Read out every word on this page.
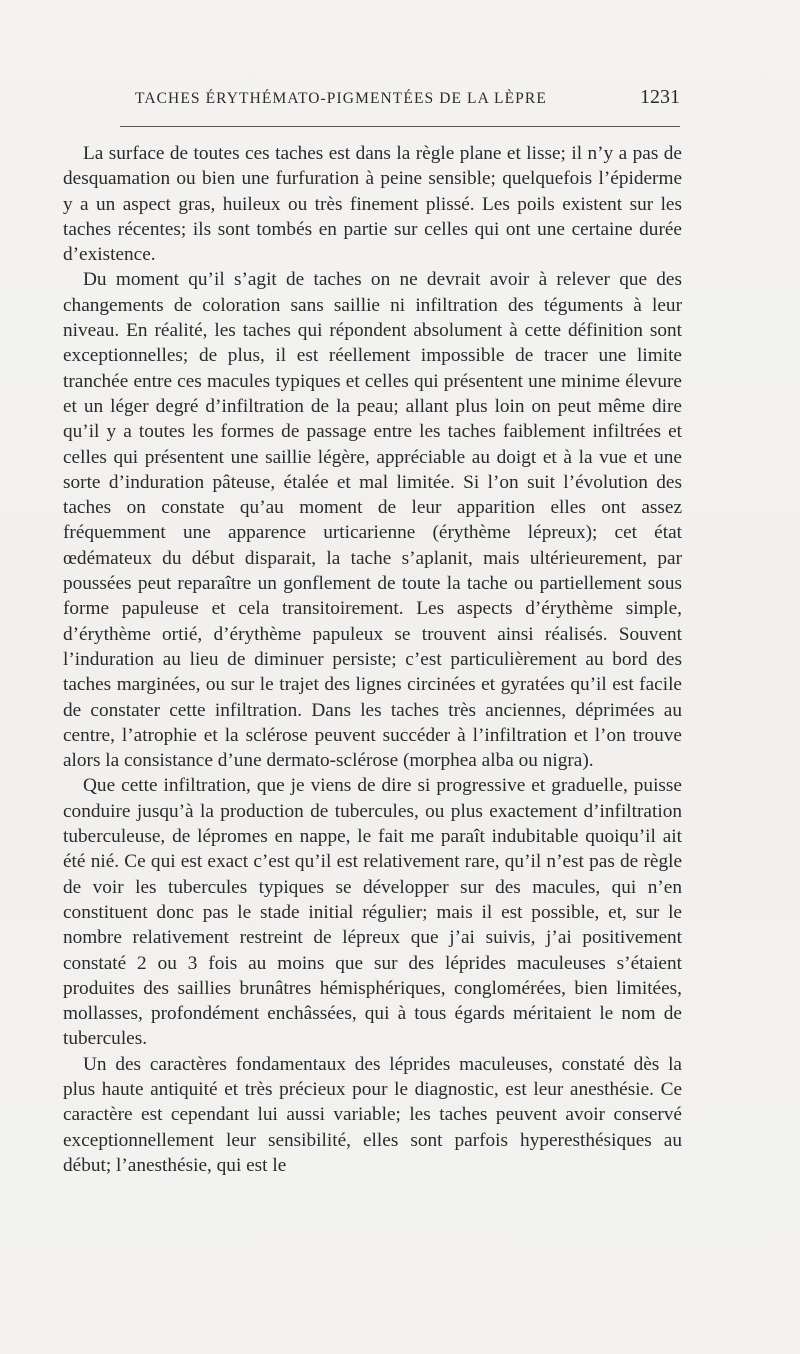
TACHES ÉRYTHÉMATO-PIGMENTÉES DE LA LÈPRE	1231

La surface de toutes ces taches est dans la règle plane et lisse; il n’y a pas de desquamation ou bien une furfuration à peine sensible; quelquefois l’épiderme y a un aspect gras, huileux ou très finement plissé. Les poils existent sur les taches récentes; ils sont tombés en partie sur celles qui ont une certaine durée d’existence.

Du moment qu’il s’agit de taches on ne devrait avoir à relever que des changements de coloration sans saillie ni infiltration des téguments à leur niveau. En réalité, les taches qui répondent absolument à cette définition sont exceptionnelles; de plus, il est réellement impossible de tracer une limite tranchée entre ces macules typiques et celles qui présentent une minime élevure et un léger degré d’infiltration de la peau; allant plus loin on peut même dire qu’il y a toutes les formes de passage entre les taches faiblement infiltrées et celles qui présentent une saillie légère, appréciable au doigt et à la vue et une sorte d’induration pâteuse, étalée et mal limitée. Si l’on suit l’évolution des taches on constate qu’au moment de leur apparition elles ont assez fréquemment une apparence urticarienne (érythème lépreux); cet état œdémateux du début disparait, la tache s’aplanit, mais ultérieurement, par poussées peut reparaître un gonflement de toute la tache ou partiellement sous forme papuleuse et cela transitoirement. Les aspects d’érythème simple, d’érythème ortié, d’érythème papuleux se trouvent ainsi réalisés. Souvent l’induration au lieu de diminuer persiste; c’est particulièrement au bord des taches marginées, ou sur le trajet des lignes circinées et gyratées qu’il est facile de constater cette infiltration. Dans les taches très anciennes, déprimées au centre, l’atrophie et la sclérose peuvent succéder à l’infiltration et l’on trouve alors la consistance d’une dermato-sclérose (morphea alba ou nigra).

Que cette infiltration, que je viens de dire si progressive et graduelle, puisse conduire jusqu’à la production de tubercules, ou plus exactement d’infiltration tuberculeuse, de lépromes en nappe, le fait me paraît indubitable quoiqu’il ait été nié. Ce qui est exact c’est qu’il est relativement rare, qu’il n’est pas de règle de voir les tubercules typiques se développer sur des macules, qui n’en constituent donc pas le stade initial régulier; mais il est possible, et, sur le nombre relativement restreint de lépreux que j’ai suivis, j’ai positivement constaté 2 ou 3 fois au moins que sur des léprides maculeuses s’étaient produites des saillies brunâtres hémisphériques, conglomérées, bien limitées, mollasses, profondément enchâssées, qui à tous égards méritaient le nom de tubercules.

Un des caractères fondamentaux des léprides maculeuses, constaté dès la plus haute antiquité et très précieux pour le diagnostic, est leur anesthésie. Ce caractère est cependant lui aussi variable; les taches peuvent avoir conservé exceptionnellement leur sensibilité, elles sont parfois hyperesthésiques au début; l’anesthésie, qui est le
